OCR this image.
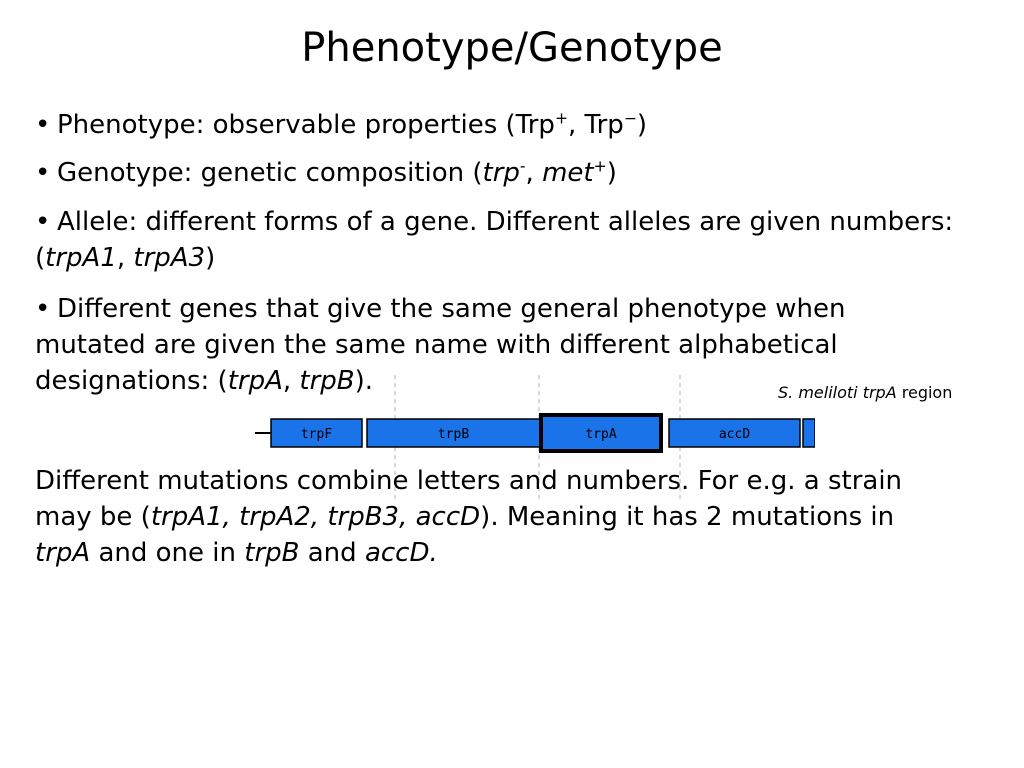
Phenotype/Genotype
• Phenotype: observable properties (Trp+, Trp−)
• Genotype: genetic composition (trp-, met+)
• Allele: different forms of a gene. Different alleles are given numbers: (trpA1, trpA3)
• Different genes that give the same general phenotype when mutated are given the same name with different alphabetical designations: (trpA, trpB).	S. meliloti trpA region
trpF	trpB	trpA	accD
Different mutations combine letters and numbers. For e.g. a strain may be (trpA1, trpA2, trpB3, accD). Meaning it has 2 mutations in trpA and one in trpB and accD.
